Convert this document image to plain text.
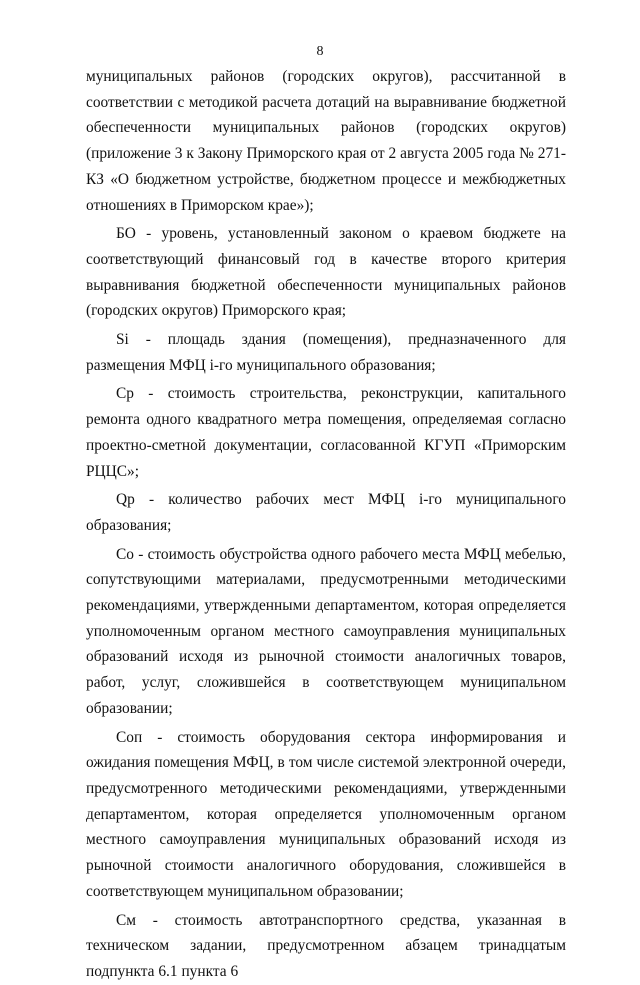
8

муниципальных районов (городских округов), рассчитанной в соответствии с методикой расчета дотаций на выравнивание бюджетной обеспеченности муниципальных районов (городских округов) (приложение 3 к Закону Приморского края от 2 августа 2005 года № 271-КЗ «О бюджетном устройстве, бюджетном процессе и межбюджетных отношениях в Приморском крае»);

БО - уровень, установленный законом о краевом бюджете на соответствующий финансовый год в качестве второго критерия выравнивания бюджетной обеспеченности муниципальных районов (городских округов) Приморского края;

Si - площадь здания (помещения), предназначенного для размещения МФЦ i-го муниципального образования;

Ср - стоимость строительства, реконструкции, капитального ремонта одного квадратного метра помещения, определяемая согласно проектно-сметной документации, согласованной КГУП «Приморским РЦЦС»;

Qр - количество рабочих мест МФЦ i-го муниципального образования;

Со - стоимость обустройства одного рабочего места МФЦ мебелью, сопутствующими материалами, предусмотренными методическими рекомендациями, утвержденными департаментом, которая определяется уполномоченным органом местного самоуправления муниципальных образований исходя из рыночной стоимости аналогичных товаров, работ, услуг, сложившейся в соответствующем муниципальном образовании;

Соп - стоимость оборудования сектора информирования и ожидания помещения МФЦ, в том числе системой электронной очереди, предусмотренного методическими рекомендациями, утвержденными департаментом, которая определяется уполномоченным органом местного самоуправления муниципальных образований исходя из рыночной стоимости аналогичного оборудования, сложившейся в соответствующем муниципальном образовании;

См - стоимость автотранспортного средства, указанная в техническом задании, предусмотренном абзацем тринадцатым подпункта 6.1 пункта 6
